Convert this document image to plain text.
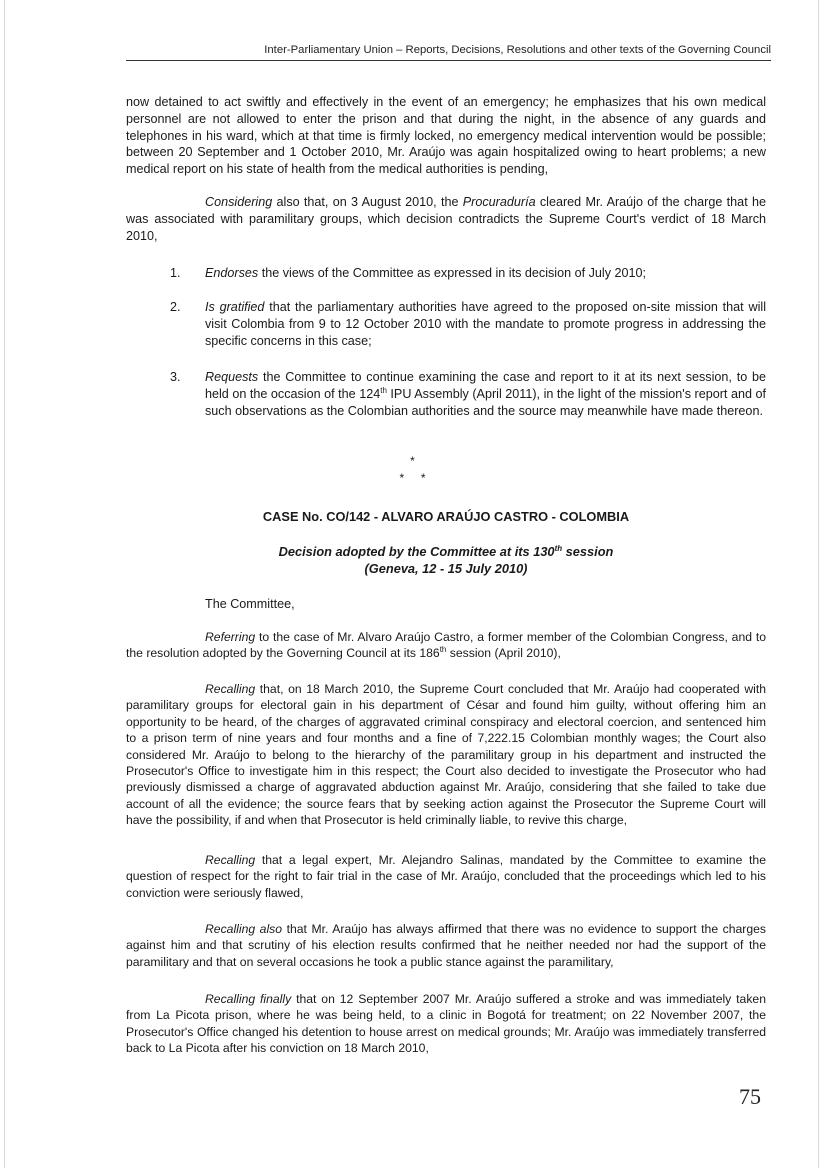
Inter-Parliamentary Union – Reports, Decisions, Resolutions and other texts of the Governing Council

now detained to act swiftly and effectively in the event of an emergency; he emphasizes that his own medical personnel are not allowed to enter the prison and that during the night, in the absence of any guards and telephones in his ward, which at that time is firmly locked, no emergency medical intervention would be possible; between 20 September and 1 October 2010, Mr. Araújo was again hospitalized owing to heart problems; a new medical report on his state of health from the medical authorities is pending,

Considering also that, on 3 August 2010, the Procuraduría cleared Mr. Araújo of the charge that he was associated with paramilitary groups, which decision contradicts the Supreme Court's verdict of 18 March 2010,

1. Endorses the views of the Committee as expressed in its decision of July 2010;
2. Is gratified that the parliamentary authorities have agreed to the proposed on-site mission that will visit Colombia from 9 to 12 October 2010 with the mandate to promote progress in addressing the specific concerns in this case;
3. Requests the Committee to continue examining the case and report to it at its next session, to be held on the occasion of the 124th IPU Assembly (April 2011), in the light of the mission's report and of such observations as the Colombian authorities and the source may meanwhile have made thereon.
*
*     *
CASE No. CO/142 - ALVARO ARAÚJO CASTRO - COLOMBIA
Decision adopted by the Committee at its 130th session
(Geneva, 12 - 15 July 2010)
The Committee,

Referring to the case of Mr. Alvaro Araújo Castro, a former member of the Colombian Congress, and to the resolution adopted by the Governing Council at its 186th session (April 2010),

Recalling that, on 18 March 2010, the Supreme Court concluded that Mr. Araújo had cooperated with paramilitary groups for electoral gain in his department of César and found him guilty, without offering him an opportunity to be heard, of the charges of aggravated criminal conspiracy and electoral coercion, and sentenced him to a prison term of nine years and four months and a fine of 7,222.15 Colombian monthly wages; the Court also considered Mr. Araújo to belong to the hierarchy of the paramilitary group in his department and instructed the Prosecutor's Office to investigate him in this respect; the Court also decided to investigate the Prosecutor who had previously dismissed a charge of aggravated abduction against Mr. Araújo, considering that she failed to take due account of all the evidence; the source fears that by seeking action against the Prosecutor the Supreme Court will have the possibility, if and when that Prosecutor is held criminally liable, to revive this charge,

Recalling that a legal expert, Mr. Alejandro Salinas, mandated by the Committee to examine the question of respect for the right to fair trial in the case of Mr. Araújo, concluded that the proceedings which led to his conviction were seriously flawed,

Recalling also that Mr. Araújo has always affirmed that there was no evidence to support the charges against him and that scrutiny of his election results confirmed that he neither needed nor had the support of the paramilitary and that on several occasions he took a public stance against the paramilitary,

Recalling finally that on 12 September 2007 Mr. Araújo suffered a stroke and was immediately taken from La Picota prison, where he was being held, to a clinic in Bogotá for treatment; on 22 November 2007, the Prosecutor's Office changed his detention to house arrest on medical grounds; Mr. Araújo was immediately transferred back to La Picota after his conviction on 18 March 2010,

75
